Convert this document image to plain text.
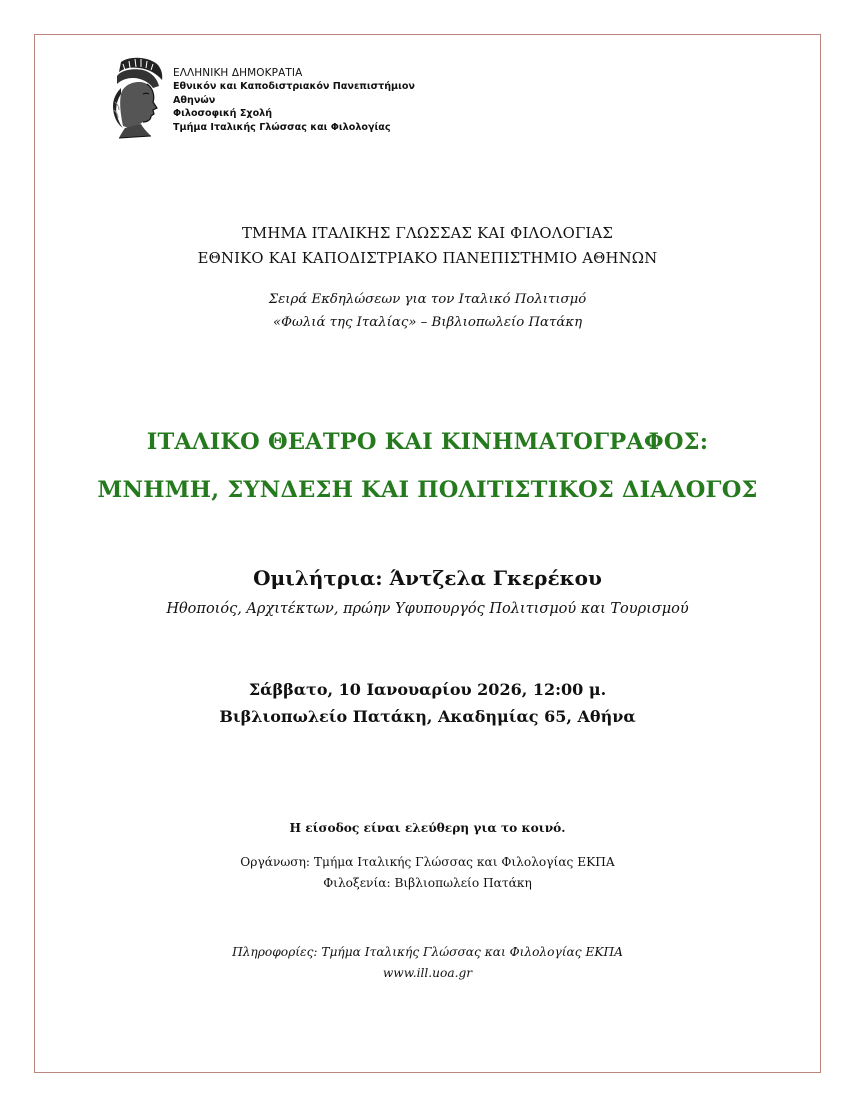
ΕΛΛΗΝΙΚΗ ΔΗΜΟΚΡΑΤΙΑ
Εθνικόν και Καποδιστριακόν Πανεπιστήμιον
Αθηνών
Φιλοσοφική Σχολή
Τμήμα Ιταλικής Γλώσσας και Φιλολογίας
ΤΜΗΜΑ ΙΤΑΛΙΚΗΣ ΓΛΩΣΣΑΣ ΚΑΙ ΦΙΛΟΛΟΓΙΑΣ
ΕΘΝΙΚΟ ΚΑΙ ΚΑΠΟΔΙΣΤΡΙΑΚΟ ΠΑΝΕΠΙΣΤΗΜΙΟ ΑΘΗΝΩΝ
Σειρά Εκδηλώσεων για τον Ιταλικό Πολιτισμό
«Φωλιά της Ιταλίας» – Βιβλιοπωλείο Πατάκη
ΙΤΑΛΙΚΟ ΘΕΑΤΡΟ ΚΑΙ ΚΙΝΗΜΑΤΟΓΡΑΦΟΣ:
ΜΝΗΜΗ, ΣΥΝΔΕΣΗ ΚΑΙ ΠΟΛΙΤΙΣΤΙΚΟΣ ΔΙΑΛΟΓΟΣ
Ομιλήτρια: Άντζελα Γκερέκου
Ηθοποιός, Αρχιτέκτων, πρώην Υφυπουργός Πολιτισμού και Τουρισμού
Σάββατο, 10 Ιανουαρίου 2026, 12:00 μ.
Βιβλιοπωλείο Πατάκη, Ακαδημίας 65, Αθήνα
Η είσοδος είναι ελεύθερη για το κοινό.
Οργάνωση: Τμήμα Ιταλικής Γλώσσας και Φιλολογίας ΕΚΠΑ
Φιλοξενία: Βιβλιοπωλείο Πατάκη
Πληροφορίες: Τμήμα Ιταλικής Γλώσσας και Φιλολογίας ΕΚΠΑ
www.ill.uoa.gr
